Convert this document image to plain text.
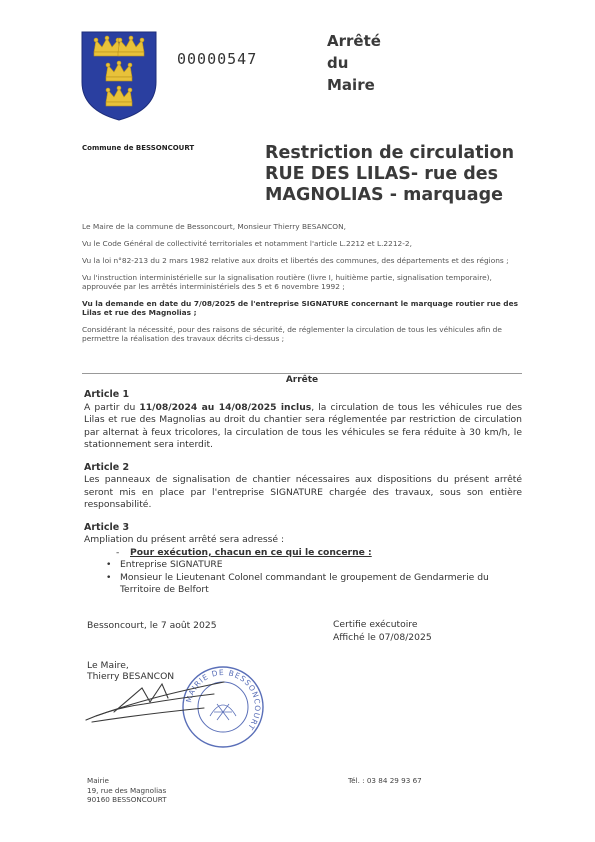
00000547
Arrêté
du
Maire
Commune de BESSONCOURT	Restriction de circulation
RUE DES LILAS- rue des
MAGNOLIAS - marquage

Le Maire de la commune de Bessoncourt, Monsieur Thierry BESANCON,

Vu le Code Général de collectivité territoriales et notamment l'article L.2212 et L.2212-2,

Vu la loi n°82-213 du 2 mars 1982 relative aux droits et libertés des communes, des départements et des régions ;

Vu l'instruction interministérielle sur la signalisation routière (livre I, huitième partie, signalisation temporaire), approuvée par les arrêtés interministériels des 5 et 6 novembre 1992 ;

Vu la demande en date du 7/08/2025 de l'entreprise SIGNATURE concernant le marquage routier rue des Lilas et rue des Magnolias ;

Considérant la nécessité, pour des raisons de sécurité, de réglementer la circulation de tous les véhicules afin de permettre la réalisation des travaux décrits ci-dessus ;

Arrête
Article 1

A partir du 11/08/2024 au 14/08/2025 inclus, la circulation de tous les véhicules rue des Lilas et rue des Magnolias au droit du chantier sera réglementée par restriction de circulation par alternat à feux tricolores, la circulation de tous les véhicules se fera réduite à 30 km/h, le stationnement sera interdit.

Article 2

Les panneaux de signalisation de chantier nécessaires aux dispositions du présent arrêté seront mis en place par l'entreprise SIGNATURE chargée des travaux, sous son entière responsabilité.

Article 3

Ampliation du présent arrêté sera adressé :

- Pour exécution, chacun en ce qui le concerne :
• Entreprise SIGNATURE
• Monsieur le Lieutenant Colonel commandant le groupement de Gendarmerie du Territoire de Belfort
Bessoncourt, le 7 août 2025	Certifie exécutoire
Affiché le 07/08/2025
Le Maire,
Thierry BESANCON
MAIRIE DE BESSONCOURT
Mairie
19, rue des Magnolias
90160 BESSONCOURT
Tél. : 03 84 29 93 67
